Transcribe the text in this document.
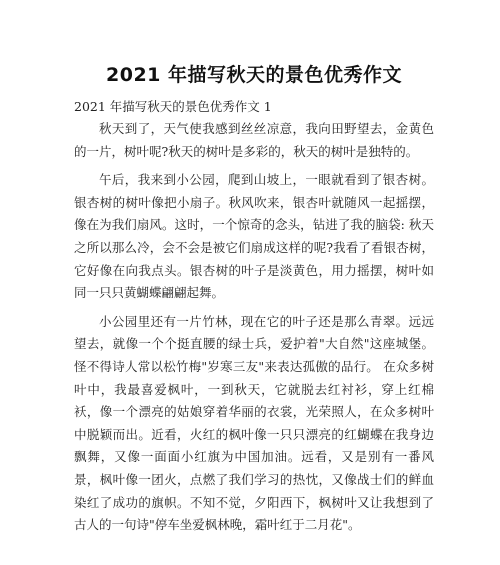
2021 年描写秋天的景色优秀作文

2021 年描写秋天的景色优秀作文 1

秋天到了，天气使我感到丝丝凉意，我向田野望去，金黄色的一片，树叶呢?秋天的树叶是多彩的，秋天的树叶是独特的。

午后，我来到小公园，爬到山坡上，一眼就看到了银杏树。银杏树的树叶像把小扇子。秋风吹来，银杏叶就随风一起摇摆，像在为我们扇风。这时，一个惊奇的念头，钻进了我的脑袋: 秋天之所以那么冷，会不会是被它们扇成这样的呢?我看了看银杏树，它好像在向我点头。银杏树的叶子是淡黄色，用力摇摆，树叶如同一只只黄蝴蝶翩翩起舞。

小公园里还有一片竹林，现在它的叶子还是那么青翠。远远望去，就像一个个挺直腰的绿士兵，爱护着"大自然"这座城堡。怪不得诗人常以松竹梅"岁寒三友"来表达孤傲的品行。 在众多树叶中，我最喜爱枫叶，一到秋天，它就脱去红衬衫，穿上红棉袄，像一个漂亮的姑娘穿着华丽的衣裳，光荣照人，在众多树叶中脱颖而出。近看，火红的枫叶像一只只漂亮的红蝴蝶在我身边飘舞，又像一面面小红旗为中国加油。远看，又是别有一番风景，枫叶像一团火，点燃了我们学习的热忱，又像战士们的鲜血染红了成功的旗帜。不知不觉，夕阳西下，枫树叶又让我想到了古人的一句诗"停车坐爱枫林晚，霜叶红于二月花"。
